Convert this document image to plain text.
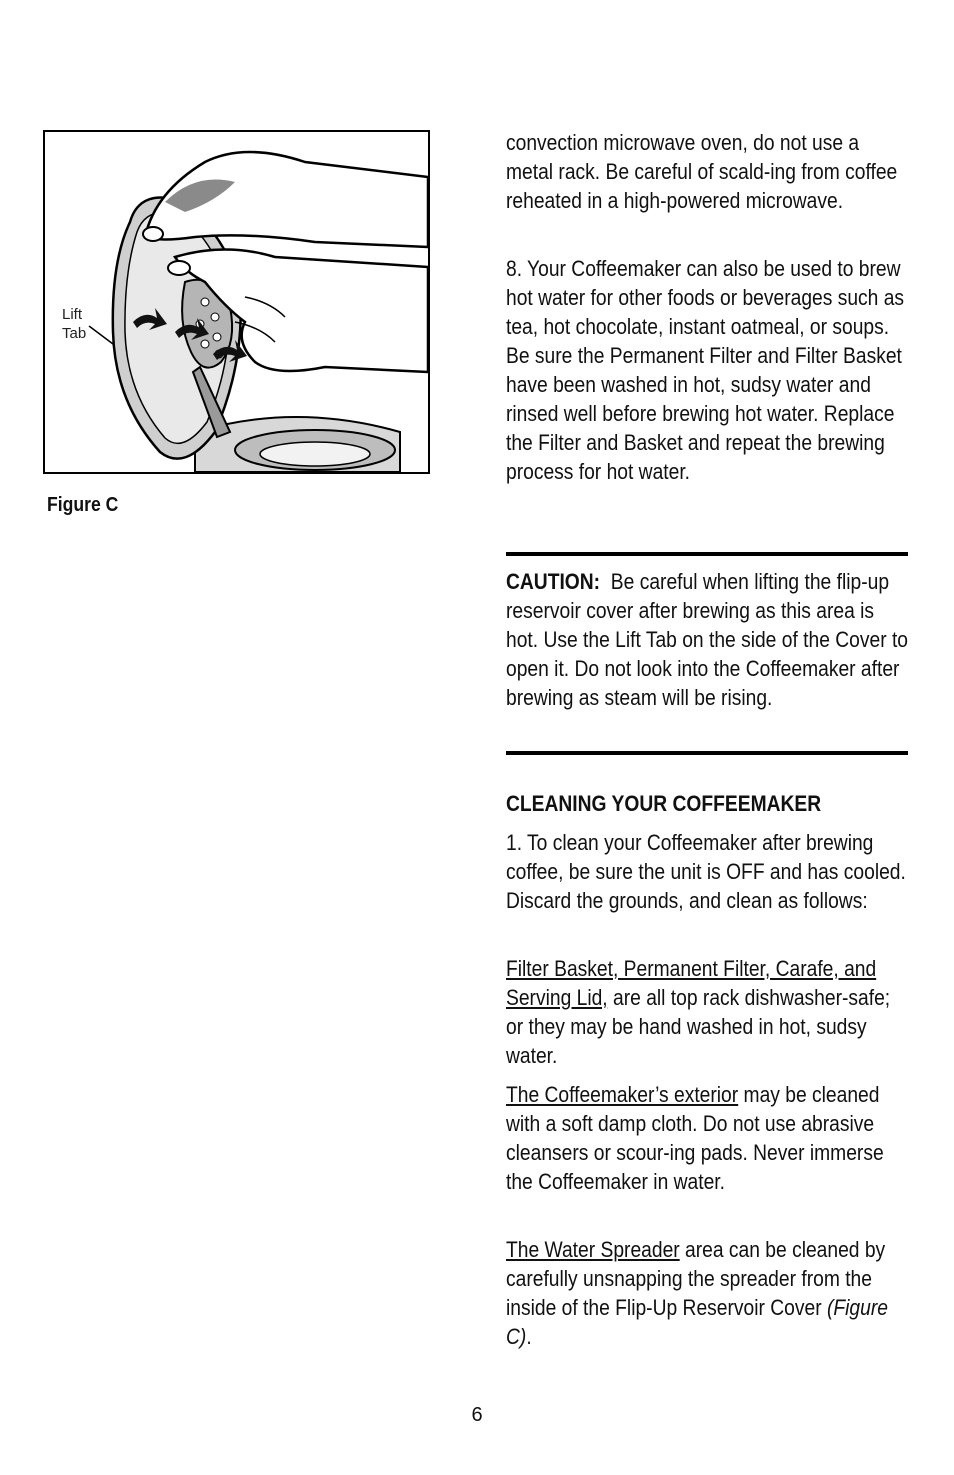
Lift
Tab
Figure C

convection microwave oven, do not use a metal rack. Be careful of scald-ing from coffee reheated in a high-powered microwave.

8. Your Coffeemaker can also be used to brew hot water for other foods or beverages such as tea, hot chocolate, instant oatmeal, or soups. Be sure the Permanent Filter and Filter Basket have been washed in hot, sudsy water and rinsed well before brewing hot water. Replace the Filter and Basket and repeat the brewing process for hot water.

CAUTION: Be careful when lifting the flip-up reservoir cover after brewing as this area is hot. Use the Lift Tab on the side of the Cover to open it. Do not look into the Coffeemaker after brewing as steam will be rising.

CLEANING YOUR COFFEEMAKER

1. To clean your Coffeemaker after brewing coffee, be sure the unit is OFF and has cooled. Discard the grounds, and clean as follows:

Filter Basket, Permanent Filter, Carafe, and Serving Lid, are all top rack dishwasher-safe; or they may be hand washed in hot, sudsy water.

The Coffeemaker’s exterior may be cleaned with a soft damp cloth. Do not use abrasive cleansers or scour-ing pads. Never immerse the Coffeemaker in water.

The Water Spreader area can be cleaned by carefully unsnapping the spreader from the inside of the Flip-Up Reservoir Cover (Figure C).

6
